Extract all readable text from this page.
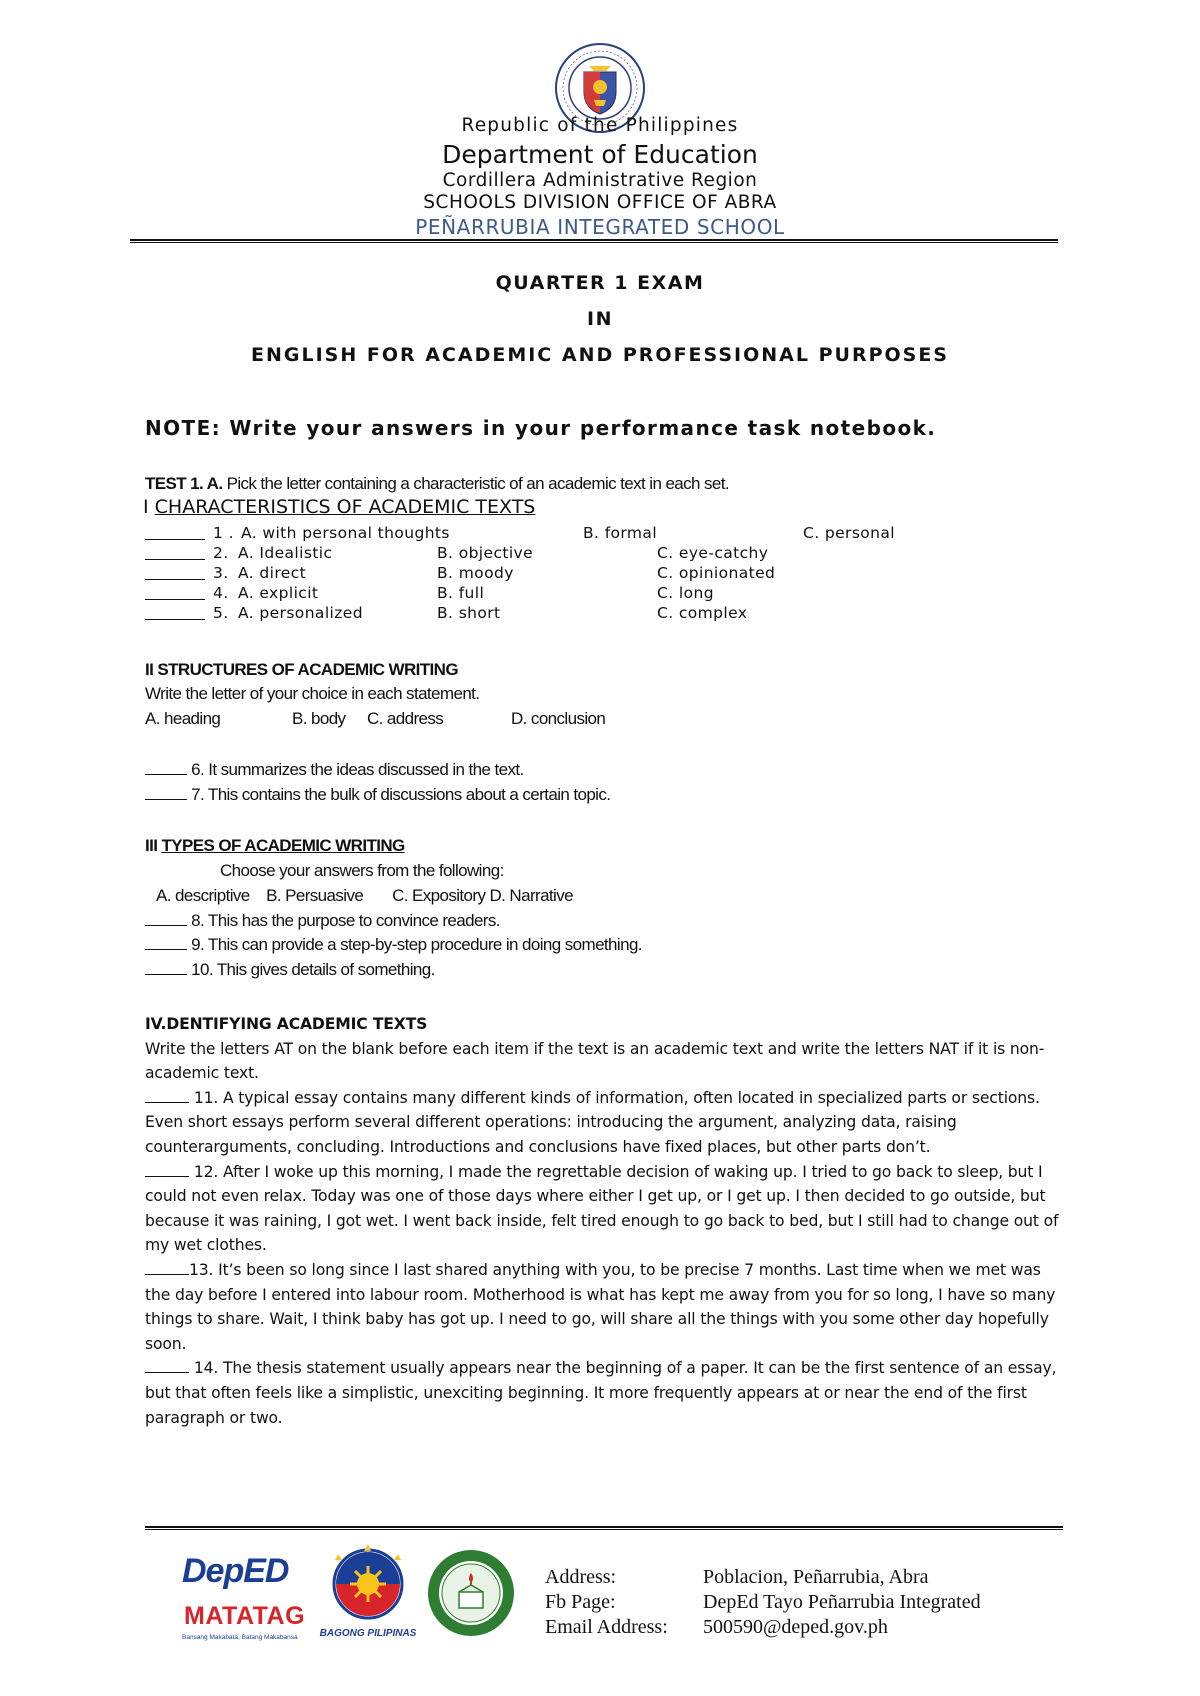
Republic of the Philippines
Department of Education
Cordillera Administrative Region
SCHOOLS DIVISION OFFICE OF ABRA
PEÑARRUBIA INTEGRATED SCHOOL
QUARTER 1 EXAM
IN
ENGLISH FOR ACADEMIC AND PROFESSIONAL PURPOSES
NOTE: Write your answers in your performance task notebook.
TEST 1. A. Pick the letter containing a characteristic of an academic text in each set.
I CHARACTERISTICS OF ACADEMIC TEXTS
1 . A. with personal thoughts	B. formal	C. personal
2. A. Idealistic	B. objective	C. eye-catchy
3. A. direct	B. moody	C. opinionated
4. A. explicit	B. full	C. long
5. A. personalized	B. short	C. complex
II STRUCTURES OF ACADEMIC WRITING
Write the letter of your choice in each statement.
A. heading	B. body C. address	D. conclusion
6. It summarizes the ideas discussed in the text.
7. This contains the bulk of discussions about a certain topic.
III TYPES OF ACADEMIC WRITING
Choose your answers from the following:
A. descriptive    B. Persuasive       C. Expository D. Narrative
8. This has the purpose to convince readers.
9. This can provide a step-by-step procedure in doing something.
10. This gives details of something.
IV.DENTIFYING ACADEMIC TEXTS
Write the letters AT on the blank before each item if the text is an academic text and write the letters NAT if it is non-academic text.
11. A typical essay contains many different kinds of information, often located in specialized parts or sections. Even short essays perform several different operations: introducing the argument, analyzing data, raising counterarguments, concluding. Introductions and conclusions have fixed places, but other parts don’t.
12. After I woke up this morning, I made the regrettable decision of waking up. I tried to go back to sleep, but I could not even relax. Today was one of those days where either I get up, or I get up. I then decided to go outside, but because it was raining, I got wet. I went back inside, felt tired enough to go back to bed, but I still had to change out of my wet clothes.
13. It’s been so long since I last shared anything with you, to be precise 7 months. Last time when we met was the day before I entered into labour room. Motherhood is what has kept me away from you for so long, I have so many things to share. Wait, I think baby has got up. I need to go, will share all the things with you some other day hopefully soon.
14. The thesis statement usually appears near the beginning of a paper. It can be the first sentence of an essay, but that often feels like a simplistic, unexciting beginning. It more frequently appears at or near the end of the first paragraph or two.
DepED
MATATAG
Bansang Makabata, Batang Makabansa BAGONG PILIPINAS
Address:	Poblacion, Peñarrubia, Abra
Fb Page:	DepEd Tayo Peñarrubia Integrated
Email Address: 500590@deped.gov.ph
